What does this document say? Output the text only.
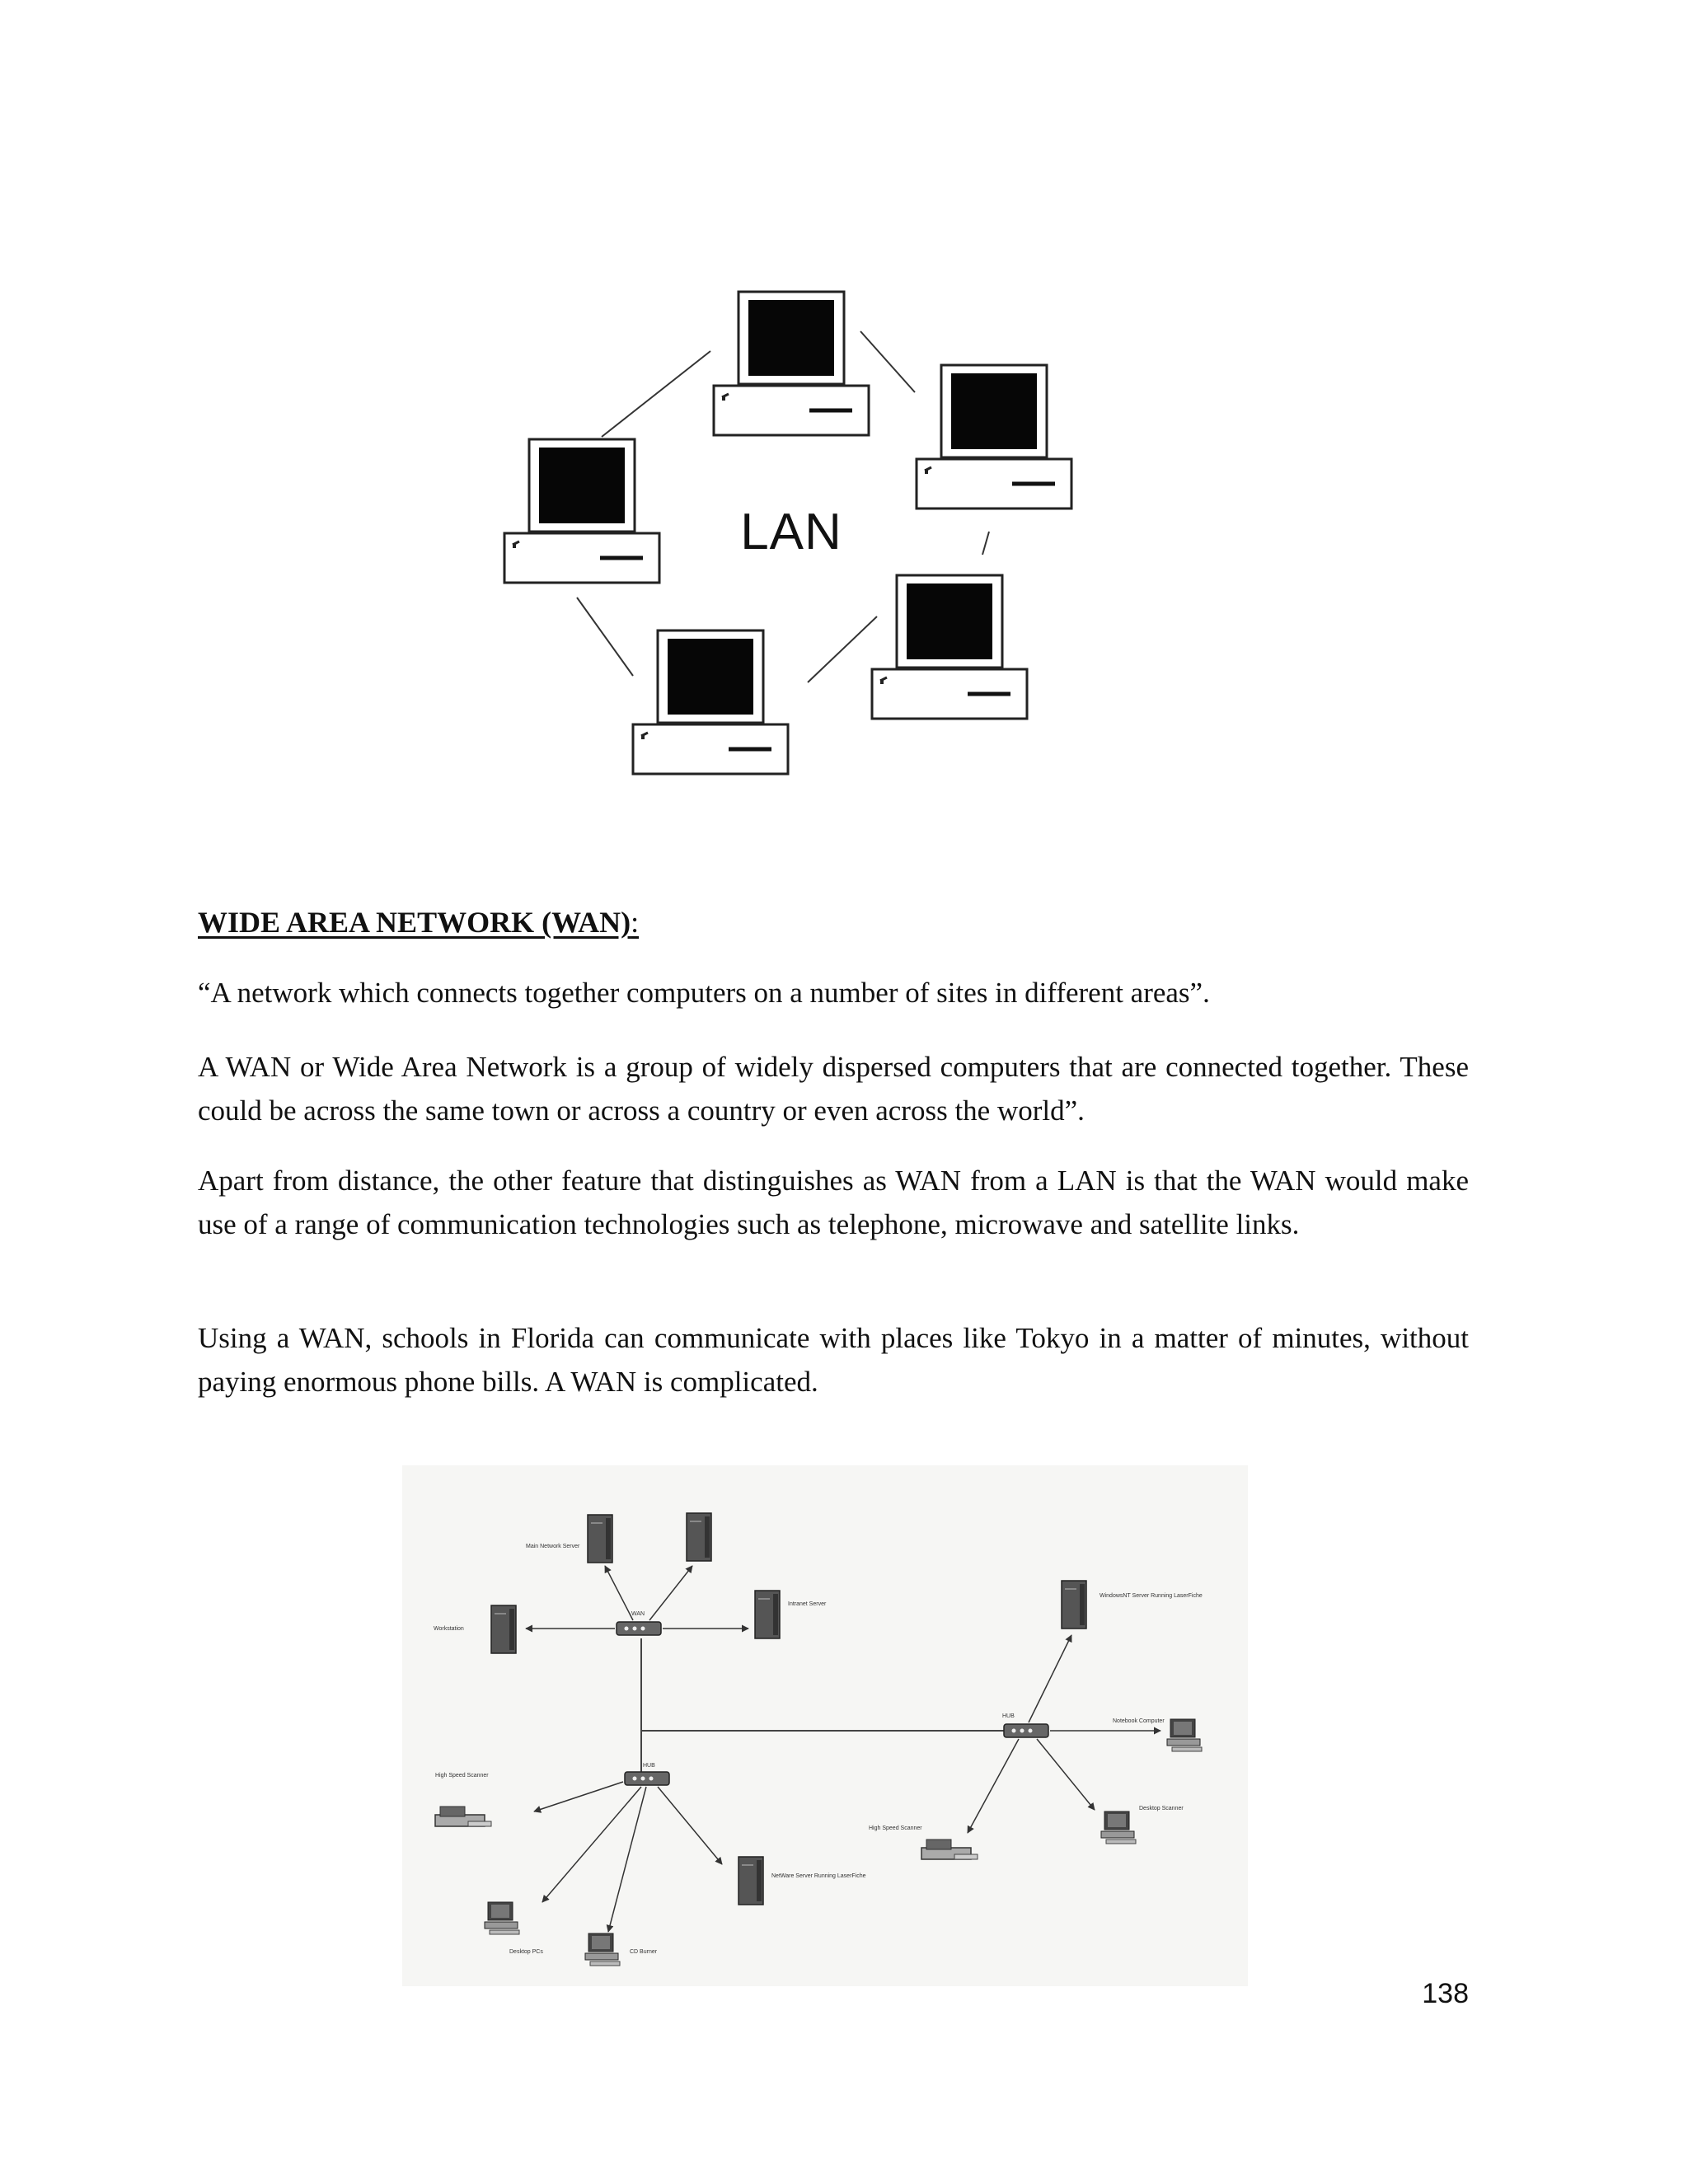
LAN
WIDE AREA NETWORK (WAN):

“A network which connects together computers on a number of sites in different areas”.

A WAN or Wide Area Network is a group of widely dispersed computers that are connected together. These could be across the same town or across a country or even across the world”.

Apart from distance, the other feature that distinguishes as WAN from a LAN is that the WAN would make use of a range of communication technologies such as telephone, microwave and satellite links.

Using a WAN, schools in Florida can communicate with places like Tokyo in a matter of minutes, without paying enormous phone bills. A WAN is complicated.

Main Network Server
WAN
Workstation
Intranet Server
HUB
High Speed Scanner
NetWare Server Running LaserFiche
Desktop PCs	CD Burner
HUB
WindowsNT Server Running LaserFiche
Notebook Computer
High Speed Scanner
Desktop Scanner
138
